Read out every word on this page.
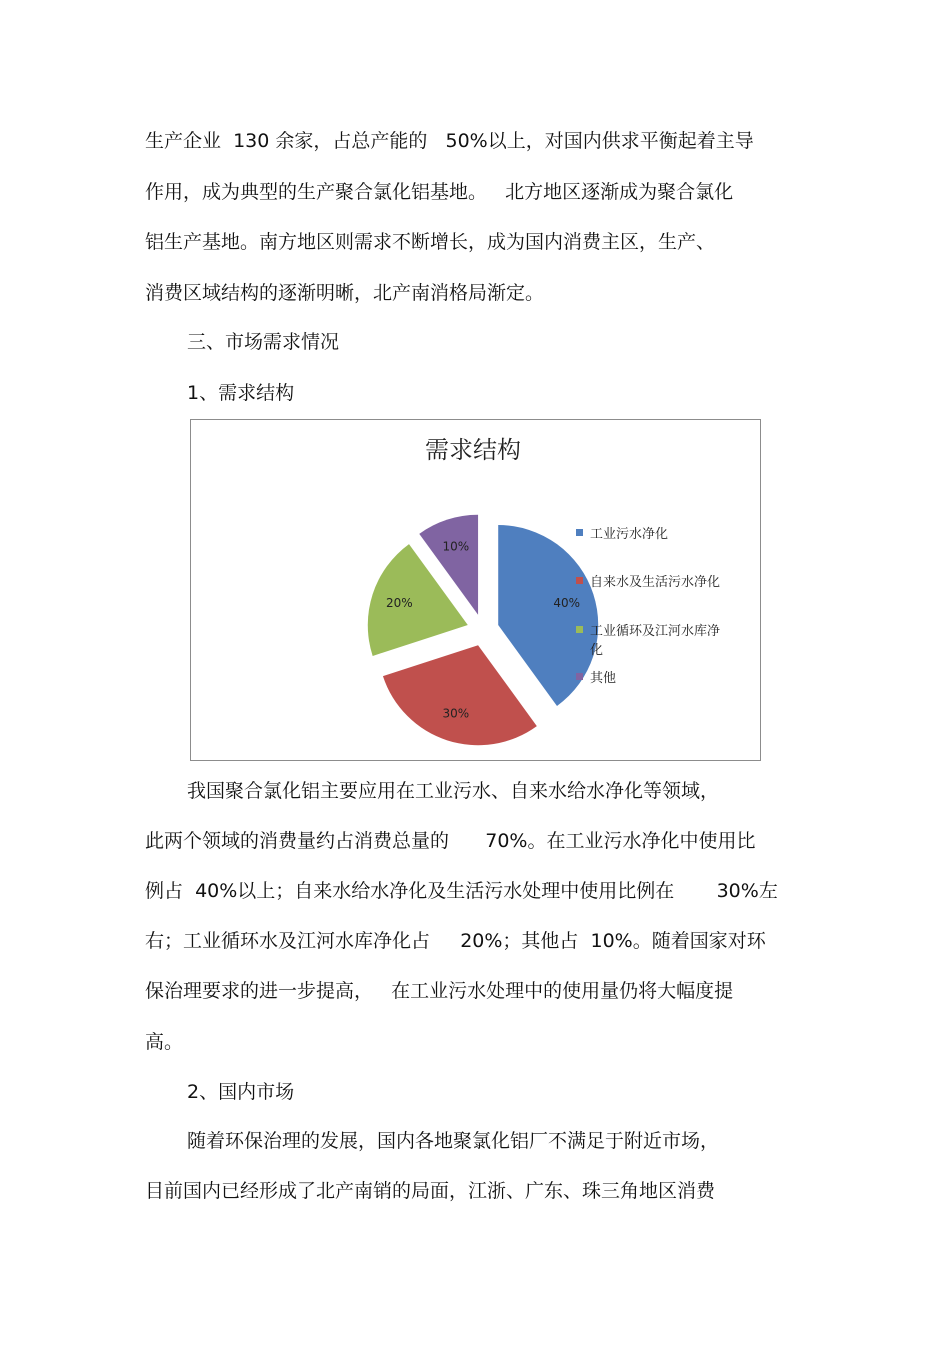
生产企业  130 余家，占总产能的   50%以上，对国内供求平衡起着主导
作用，成为典型的生产聚合氯化铝基地。   北方地区逐渐成为聚合氯化
铝生产基地。南方地区则需求不断增长，成为国内消费主区，生产、
消费区域结构的逐渐明晰，北产南消格局渐定。
三、市场需求情况
1、需求结构
需求结构
40%
30%
20%
10%
工业污水净化
自来水及生活污水净化
工业循环及江河水库净
化
其他
我国聚合氯化铝主要应用在工业污水、自来水给水净化等领域，
此两个领域的消费量约占消费总量的      70%。在工业污水净化中使用比
例占  40%以上；自来水给水净化及生活污水处理中使用比例在       30%左
右；工业循环水及江河水库净化占     20%；其他占  10%。随着国家对环
保治理要求的进一步提高，   在工业污水处理中的使用量仍将大幅度提
高。
2、国内市场
随着环保治理的发展，国内各地聚氯化铝厂不满足于附近市场，
目前国内已经形成了北产南销的局面，江浙、广东、珠三角地区消费
